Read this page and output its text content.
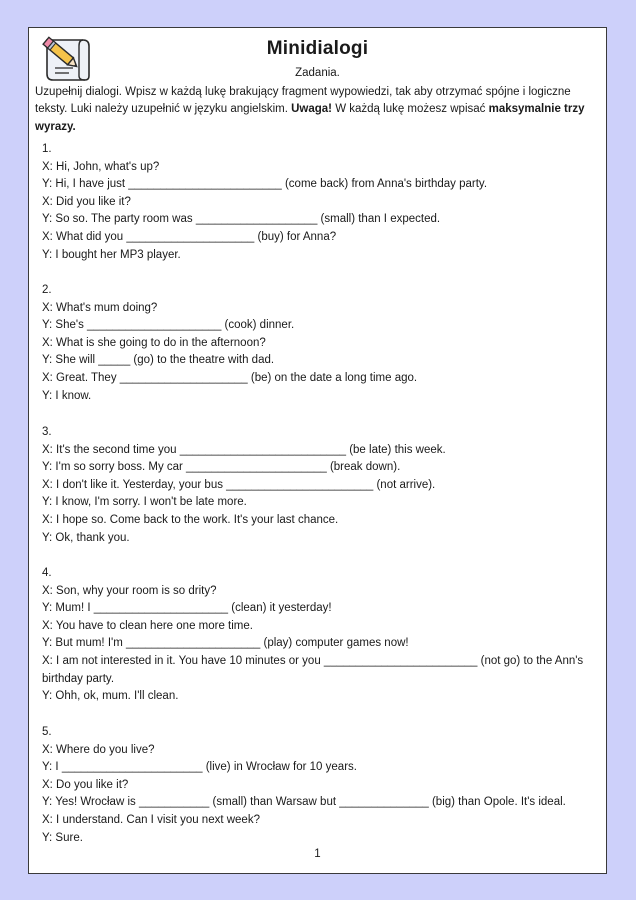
Minidialogi
Zadania.
Uzupełnij dialogi. Wpisz w każdą lukę brakujący fragment wypowiedzi, tak aby otrzymać spójne i logiczne teksty. Luki należy uzupełnić w języku angielskim. Uwaga! W każdą lukę możesz wpisać maksymalnie trzy wyrazy.
1.
X: Hi, John, what's up?
Y: Hi, I have just ________________________ (come back) from Anna's birthday party.
X: Did you like it?
Y: So so. The party room was ___________________ (small) than I expected.
X: What did you ____________________ (buy) for Anna?
Y: I bought her MP3 player.
2.
X: What's mum doing?
Y: She's _____________________ (cook) dinner.
X: What is she going to do in the afternoon?
Y: She will _____ (go) to the theatre with dad.
X: Great. They ____________________ (be) on the date a long time ago.
Y: I know.
3.
X: It's the second time you __________________________ (be late) this week.
Y: I'm so sorry boss. My car ______________________ (break down).
X: I don't like it. Yesterday, your bus _______________________ (not arrive).
Y: I know, I'm sorry. I won't be late more.
X: I hope so. Come back to the work. It's your last chance.
Y: Ok, thank you.
4.
X: Son, why your room is so drity?
Y: Mum! I _____________________ (clean) it yesterday!
X: You have to clean here one more time.
Y: But mum! I'm _____________________ (play) computer games now!
X: I am not interested in it. You have 10 minutes or you ________________________ (not go) to the Ann's birthday party.
Y: Ohh, ok, mum. I'll clean.
5.
X: Where do you live?
Y: I ______________________ (live) in Wrocław for 10 years.
X: Do you like it?
Y: Yes! Wrocław is ___________ (small) than Warsaw but ______________ (big) than Opole. It's ideal.
X: I understand. Can I visit you next week?
Y: Sure.
1
